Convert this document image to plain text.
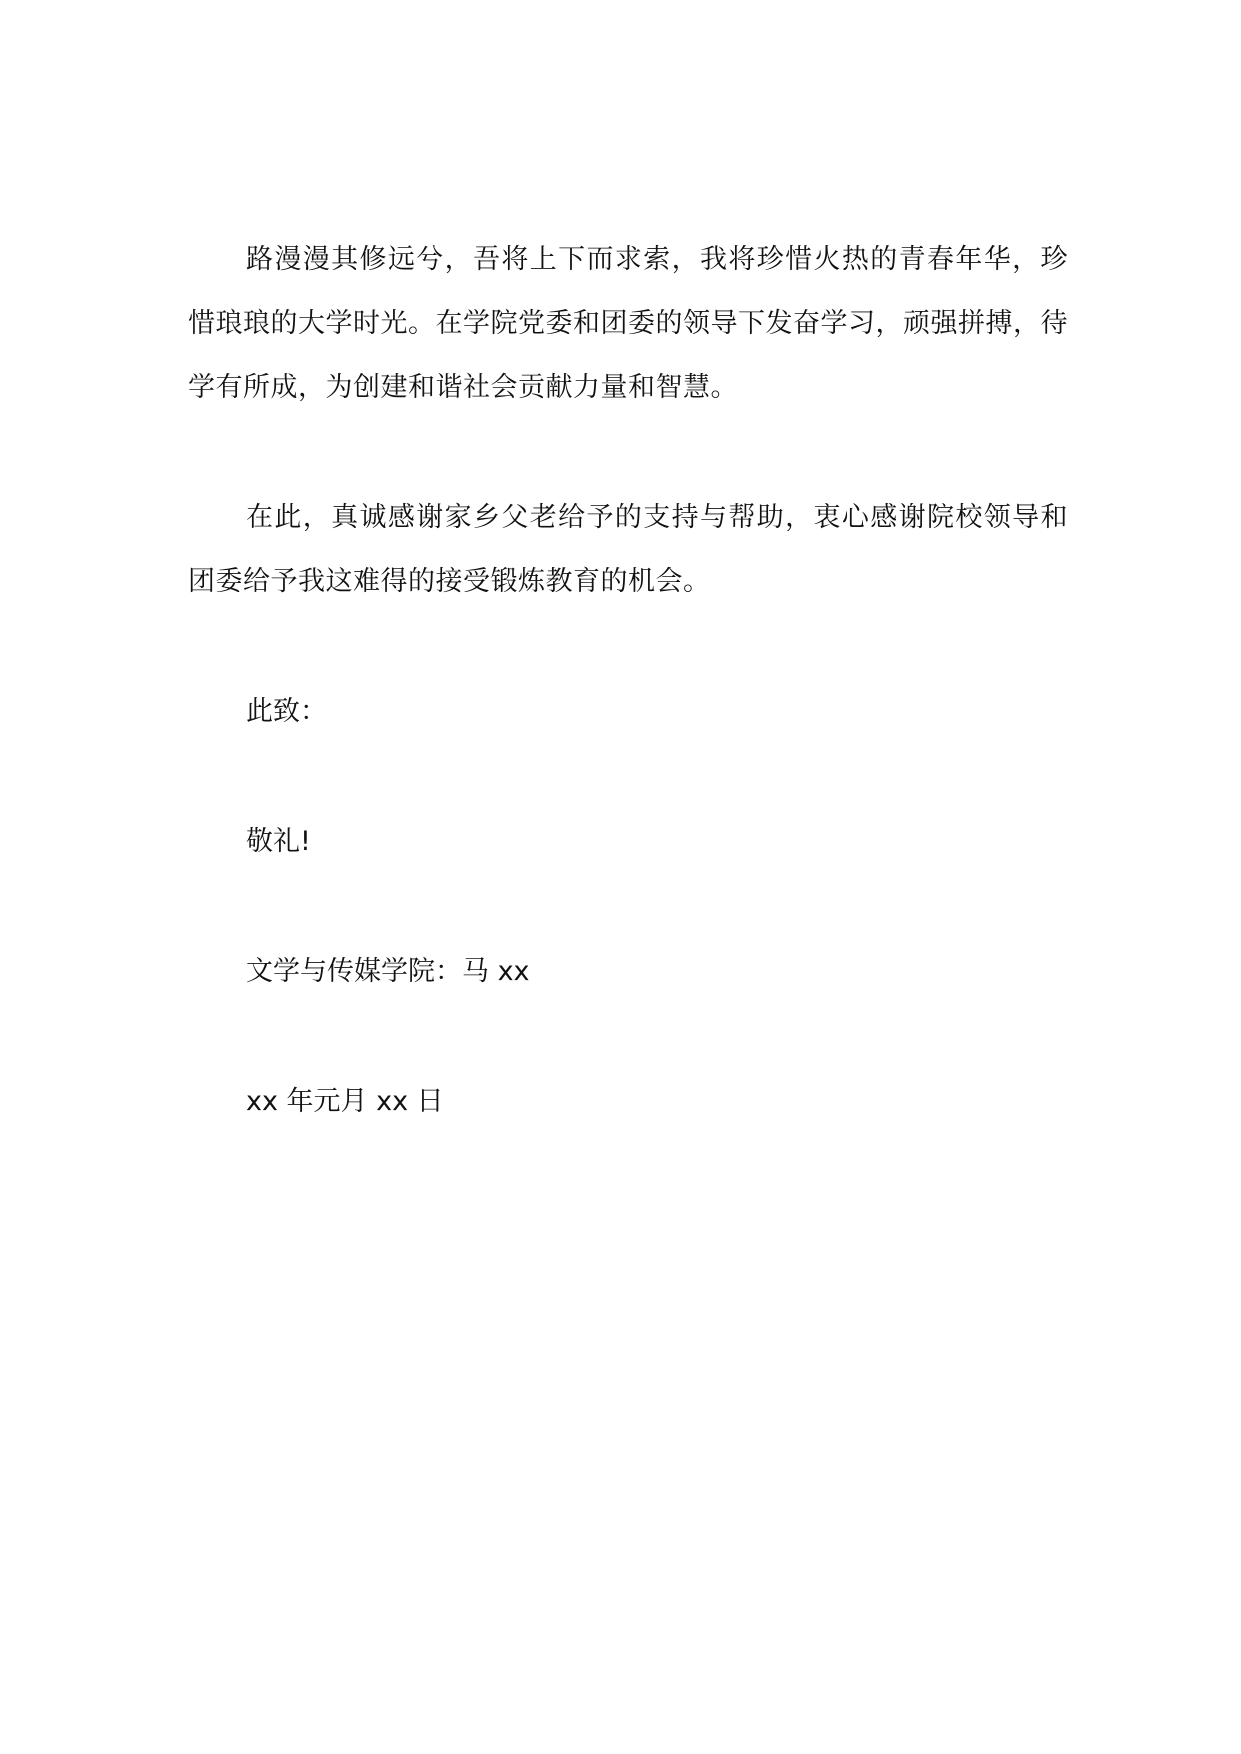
路漫漫其修远兮，吾将上下而求索，我将珍惜火热的青春年华，珍惜琅琅的大学时光。在学院党委和团委的领导下发奋学习，顽强拼搏，待学有所成，为创建和谐社会贡献力量和智慧。

在此，真诚感谢家乡父老给予的支持与帮助，衷心感谢院校领导和团委给予我这难得的接受锻炼教育的机会。

此致：

敬礼!

文学与传媒学院：马 xx

xx 年元月 xx 日
